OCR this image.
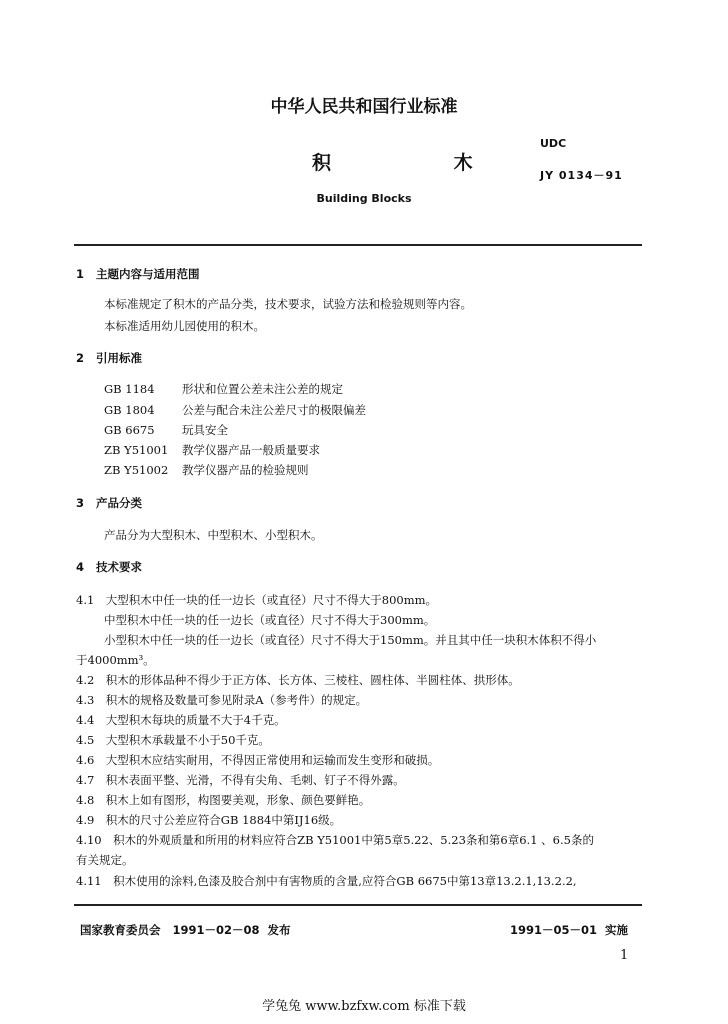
中华人民共和国行业标准
UDC
积 木
JY 0134－91
Building Blocks
1 主题内容与适用范围
本标准规定了积木的产品分类，技术要求，试验方法和检验规则等内容。
本标准适用幼儿园使用的积木。
2 引用标准
GB 1184 形状和位置公差未注公差的规定
GB 1804 公差与配合未注公差尺寸的极限偏差
GB 6675 玩具安全
ZB Y51001 教学仪器产品一般质量要求
ZB Y51002 教学仪器产品的检验规则
3 产品分类
产品分为大型积木、中型积木、小型积木。
4 技术要求
4.1　大型积木中任一块的任一边长（或直径）尺寸不得大于800mm。
中型积木中任一块的任一边长（或直径）尺寸不得大于300mm。
小型积木中任一块的任一边长（或直径）尺寸不得大于150mm。并且其中任一块积木体积不得小
于4000mm³。
4.2　积木的形体品种不得少于正方体、长方体、三棱柱、圆柱体、半圆柱体、拱形体。
4.3　积木的规格及数量可参见附录A（参考件）的规定。
4.4　大型积木每块的质量不大于4千克。
4.5　大型积木承载量不小于50千克。
4.6　大型积木应结实耐用，不得因正常使用和运输而发生变形和破损。
4.7　积木表面平整、光滑，不得有尖角、毛刺、钉子不得外露。
4.8　积木上如有图形，构图要美观，形象、颜色要鲜艳。
4.9　积木的尺寸公差应符合GB 1884中第IJ16级。
4.10　积木的外观质量和所用的材料应符合ZB Y51001中第5章5.22、5.23条和第6章6.1 、6.5条的
有关规定。
4.11　积木使用的涂料,色漆及胶合剂中有害物质的含量,应符合GB 6675中第13章13.2.1,13.2.2,
国家教育委员会 1991－02－08 发布	1991－05－01 实施
1
学兔兔 www.bzfxw.com 标准下载
